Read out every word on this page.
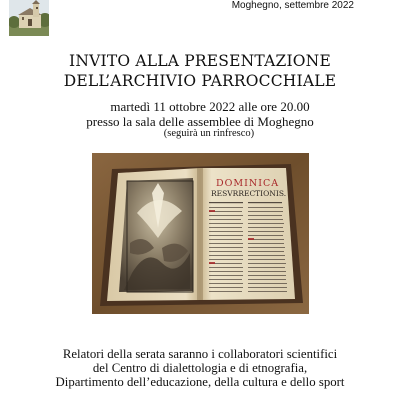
Moghegno, settembre 2022
INVITO ALLA PRESENTAZIONE
DELL’ARCHIVIO PARROCCHIALE
martedì 11 ottobre 2022 alle ore 20.00
presso la sala delle assemblee di Moghegno
(seguirà un rinfresco)
DOMINICA
RESVRRECTIONIS.
Relatori della serata saranno i collaboratori scientifici
del Centro di dialettologia e di etnografia,
Dipartimento dell’educazione, della cultura e dello sport
